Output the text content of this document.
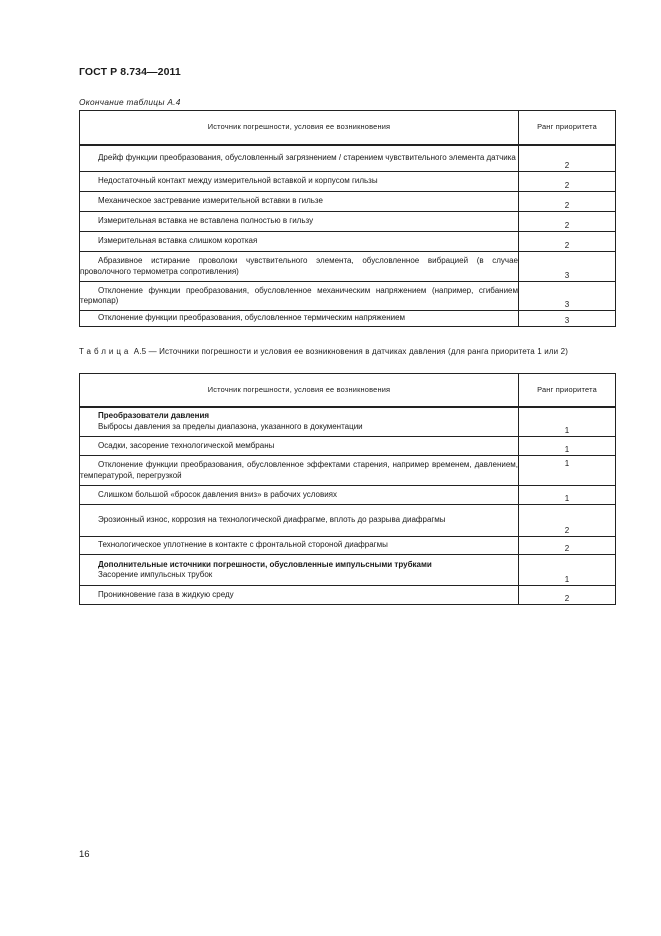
ГОСТ Р 8.734—2011
Окончание таблицы А.4
Источник погрешности, условия ее возникновения	Ранг приоритета
Дрейф функции преобразования, обусловленный загрязнением / старением чувствительного элемента датчика	2
Недостаточный контакт между измерительной вставкой и корпусом гильзы	2
Механическое застревание измерительной вставки в гильзе	2
Измерительная вставка не вставлена полностью в гильзу	2
Измерительная вставка слишком короткая	2
Абразивное истирание проволоки чувствительного элемента, обусловленное вибрацией (в случае проволочного термометра сопротивления)	3
Отклонение функции преобразования, обусловленное механическим напряжением (например, сгибанием термопар)	3
Отклонение функции преобразования, обусловленное термическим напряжением	3
Таблица А.5 — Источники погрешности и условия ее возникновения в датчиках давления (для ранга приоритета 1 или 2)
Источник погрешности, условия ее возникновения	Ранг приоритета

Преобразователи давления
Выбросы давления за пределы диапазона, указанного в документации	1
Осадки, засорение технологической мембраны	1
Отклонение функции преобразования, обусловленное эффектами старения, например временем, давлением, температурой, перегрузкой	1
Слишком большой «бросок давления вниз» в рабочих условиях	1
Эрозионный износ, коррозия на технологической диафрагме, вплоть до разрыва диафрагмы	2
Технологическое уплотнение в контакте с фронтальной стороной диафрагмы	2

Дополнительные источники погрешности, обусловленные импульсными трубками
Засорение импульсных трубок	1
Проникновение газа в жидкую среду	2
16
